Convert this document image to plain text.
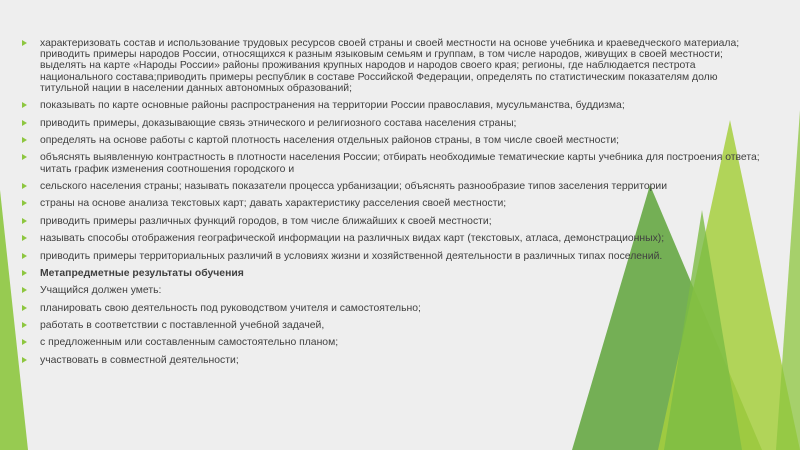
характеризовать состав и использование трудовых ресурсов своей страны и своей местности на основе учебника и краеведческого материала; приводить примеры народов России, относящихся к разным языковым семьям и группам, в том числе народов, живущих в своей местности; выделять на карте «Народы России» районы проживания крупных народов и народов своего края; регионы, где наблюдается пестрота национального состава;приводить примеры республик в составе Российской Федерации, определять по статистическим показателям долю титульной нации в населении данных автономных образований;
показывать по карте основные районы распространения на территории России православия, мусульманства, буддизма;
приводить примеры, доказывающие связь этнического и религиозного состава населения страны;
определять на основе работы с картой плотность населения отдельных районов страны, в том числе своей местности;
объяснять выявленную контрастность в плотности населения России; отбирать необходимые тематические карты учебника для построения ответа; читать график изменения соотношения городского и
сельского населения страны; называть показатели процесса урбанизации; объяснять разнообразие типов заселения территории
страны на основе анализа текстовых карт; давать характеристику расселения своей местности;
приводить примеры различных функций городов, в том числе ближайших к своей местности;
называть способы отображения географической информации на различных видах карт (текстовых, атласа, демонстрационных);
приводить примеры территориальных различий в условиях жизни и хозяйственной деятельности в различных типах поселений.
Метапредметные результаты обучения
Учащийся должен уметь:
планировать свою деятельность под руководством учителя и самостоятельно;
работать в соответствии с поставленной учебной задачей,
с предложенным или составленным самостоятельно планом;
участвовать в совместной деятельности;
